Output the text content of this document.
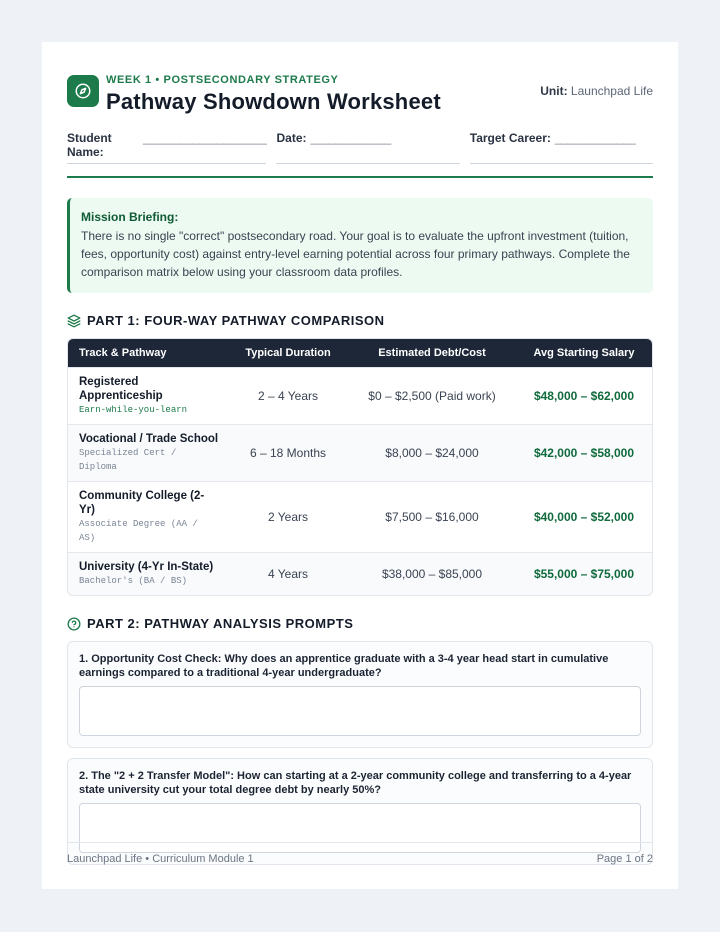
WEEK 1 • POSTSECONDARY STRATEGY
Pathway Showdown Worksheet	Unit: Launchpad Life
Student Name:
____________________ Date: _____________	Target Career: _____________
Mission Briefing:
There is no single "correct" postsecondary road. Your goal is to evaluate the upfront investment (tuition, fees, opportunity cost) against entry-level earning potential across four primary pathways. Complete the comparison matrix below using your classroom data profiles.
PART 1: FOUR-WAY PATHWAY COMPARISON
Track & Pathway	Typical Duration	Estimated Debt/Cost	Avg Starting Salary

Registered Apprenticeship
Earn-while-you-learn	2 – 4 Years	$0 – $2,500 (Paid work)	$48,000 – $62,000

Vocational / Trade School
Specialized Cert / Diploma	6 – 18 Months	$8,000 – $24,000	$42,000 – $58,000

Community College (2-Yr)
Associate Degree (AA / AS)	2 Years	$7,500 – $16,000	$40,000 – $52,000

University (4-Yr In-State)
Bachelor's (BA / BS)	4 Years	$38,000 – $85,000	$55,000 – $75,000
PART 2: PATHWAY ANALYSIS PROMPTS
1. Opportunity Cost Check: Why does an apprentice graduate with a 3-4 year head start in cumulative earnings compared to a traditional 4-year undergraduate?
2. The "2 + 2 Transfer Model": How can starting at a 2-year community college and transferring to a 4-year state university cut your total degree debt by nearly 50%?
Launchpad Life • Curriculum Module 1	Page 1 of 2
